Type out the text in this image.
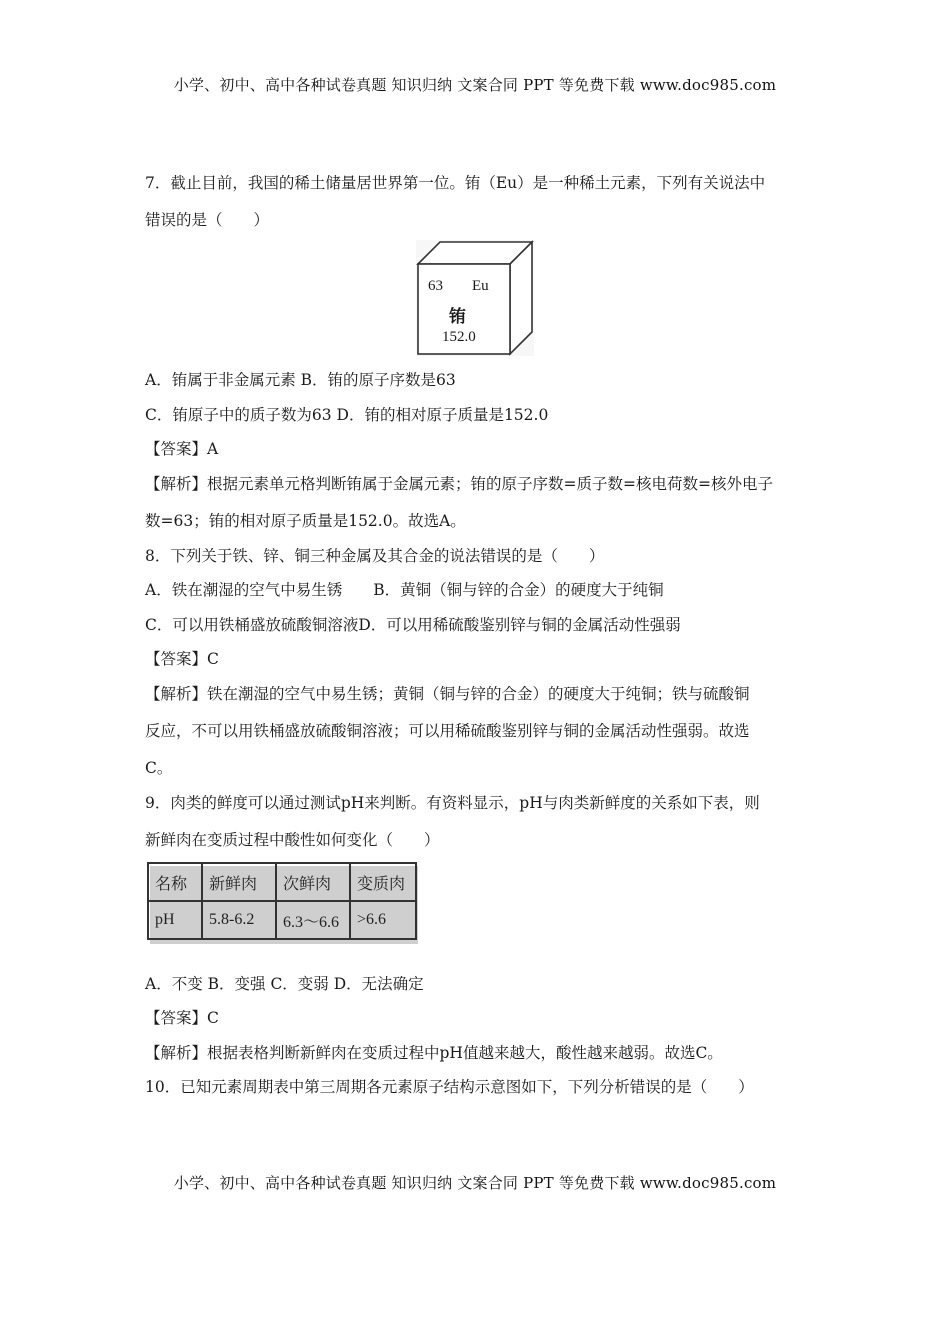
小学、初中、高中各种试卷真题 知识归纳 文案合同 PPT 等免费下载 www.doc985.com
7．截止目前，我国的稀土储量居世界第一位。铕（Eu）是一种稀土元素，下列有关说法中
错误的是（　　）
63 Eu
铕
152.0
A．铕属于非金属元素 B．铕的原子序数是63
C．铕原子中的质子数为63 D．铕的相对原子质量是152.0
【答案】A
【解析】根据元素单元格判断铕属于金属元素；铕的原子序数=质子数=核电荷数=核外电子
数=63；铕的相对原子质量是152.0。故选A。
8．下列关于铁、锌、铜三种金属及其合金的说法错误的是（　　）
A．铁在潮湿的空气中易生锈　　B．黄铜（铜与锌的合金）的硬度大于纯铜
C．可以用铁桶盛放硫酸铜溶液D．可以用稀硫酸鉴别锌与铜的金属活动性强弱
【答案】C
【解析】铁在潮湿的空气中易生锈；黄铜（铜与锌的合金）的硬度大于纯铜；铁与硫酸铜
反应，不可以用铁桶盛放硫酸铜溶液；可以用稀硫酸鉴别锌与铜的金属活动性强弱。故选
C。
9．肉类的鲜度可以通过测试pH来判断。有资料显示，pH与肉类新鲜度的关系如下表，则
新鲜肉在变质过程中酸性如何变化（　　）
名称	新鲜肉	次鲜肉	变质肉
pH	5.8-6.2	6.3～6.6	>6.6
A．不变 B．变强 C．变弱 D．无法确定
【答案】C
【解析】根据表格判断新鲜肉在变质过程中pH值越来越大，酸性越来越弱。故选C。
10．已知元素周期表中第三周期各元素原子结构示意图如下，下列分析错误的是（　　）
小学、初中、高中各种试卷真题 知识归纳 文案合同 PPT 等免费下载 www.doc985.com
